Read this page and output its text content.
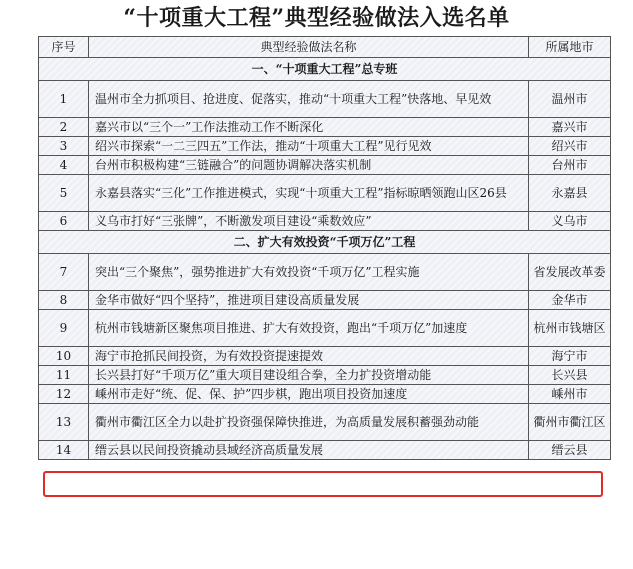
“十项重大工程”典型经验做法入选名单
序号	典型经验做法名称	所属地市
一、“十项重大工程”总专班		
1	温州市全力抓项目、抢进度、促落实，推动“十项重大工程”快落地、早见效	温州市
2	嘉兴市以“三个一”工作法推动工作不断深化	嘉兴市
3	绍兴市探索“一二三四五”工作法，推动“十项重大工程”见行见效	绍兴市
4	台州市积极构建“三链融合”的问题协调解决落实机制	台州市
5	永嘉县落实“三化”工作推进模式，实现“十项重大工程”指标晾晒领跑山区26县	永嘉县
6	义乌市打好“三张牌”，不断激发项目建设“乘数效应”	义乌市
二、扩大有效投资“千项万亿”工程		
7	突出“三个聚焦”，强势推进扩大有效投资“千项万亿”工程实施	省发展改革委
8	金华市做好“四个坚持”，推进项目建设高质量发展	金华市
9	杭州市钱塘新区聚焦项目推进、扩大有效投资，跑出“千项万亿”加速度	杭州市钱塘区
10	海宁市抢抓民间投资，为有效投资提速提效	海宁市
11	长兴县打好“千项万亿”重大项目建设组合拳，全力扩投资增动能	长兴县
12	嵊州市走好“统、促、保、护”四步棋，跑出项目投资加速度	嵊州市
13	衢州市衢江区全力以赴扩投资强保障快推进，为高质量发展积蓄强劲动能	衢州市衢江区
14	缙云县以民间投资撬动县域经济高质量发展	缙云县
